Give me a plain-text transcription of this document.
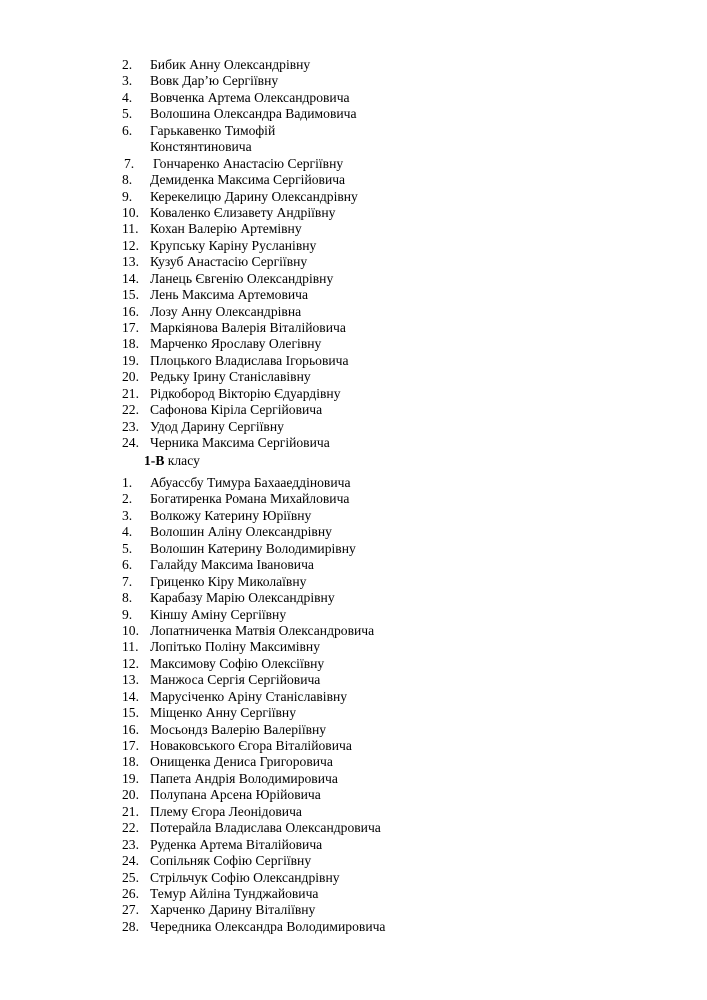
2. Бибик Анну Олександрівну
3. Вовк Дар’ю Сергіївну
4. Вовченка Артема Олександровича
5. Волошина Олександра Вадимовича
6. Гарькавенко Тимофій Констянтиновича
7. Гончаренко Анастасію Сергіївну
8. Демиденка Максима Сергійовича
9. Керекелицю Дарину Олександрівну
10. Коваленко Єлизавету Андріївну
11. Кохан Валерію Артемівну
12. Крупську Каріну Русланівну
13. Кузуб Анастасію Сергіївну
14. Ланець Євгенію Олександрівну
15. Лень Максима Артемовича
16. Лозу Анну Олександрівна
17. Маркіянова Валерія Віталійовича
18. Марченко Ярославу Олегівну
19. Плоцького Владислава Ігорьовича
20. Редьку Ірину Станіславівну
21. Рідкобород Вікторію Єдуардівну
22. Сафонова Кіріла Сергійовича
23. Удод Дарину Сергіївну
24. Черника Максима Сергійовича
1-В класу
1. Абуассбу Тимура Бахааеддіновича
2. Богатиренка Романа Михайловича
3. Волкожу Катерину Юріївну
4. Волошин Аліну Олександрівну
5. Волошин Катерину Володимирівну
6. Галайду Максима Івановича
7. Гриценко Кіру Миколаївну
8. Карабазу Марію Олександрівну
9. Кіншу Аміну Сергіївну
10. Лопатниченка Матвія Олександровича
11. Лопітько Поліну Максимівну
12. Максимову Софію Олексіївну
13. Манжоса Сергія Сергійовича
14. Марусіченко Аріну Станіславівну
15. Міщенко Анну Сергіївну
16. Мосьондз Валерію Валеріївну
17. Новаковського Єгора Віталійовича
18. Онищенка Дениса Григоровича
19. Папета Андрія Володимировича
20. Полупана Арсена Юрійовича
21. Плему Єгора Леонідовича
22. Потерайла Владислава Олександровича
23. Руденка Артема Віталійовича
24. Сопільняк Софію Сергіївну
25. Стрільчук Софію Олександрівну
26. Темур Айліна Тунджайовича
27. Харченко Дарину Віталіївну
28. Чередника Олександра Володимировича
